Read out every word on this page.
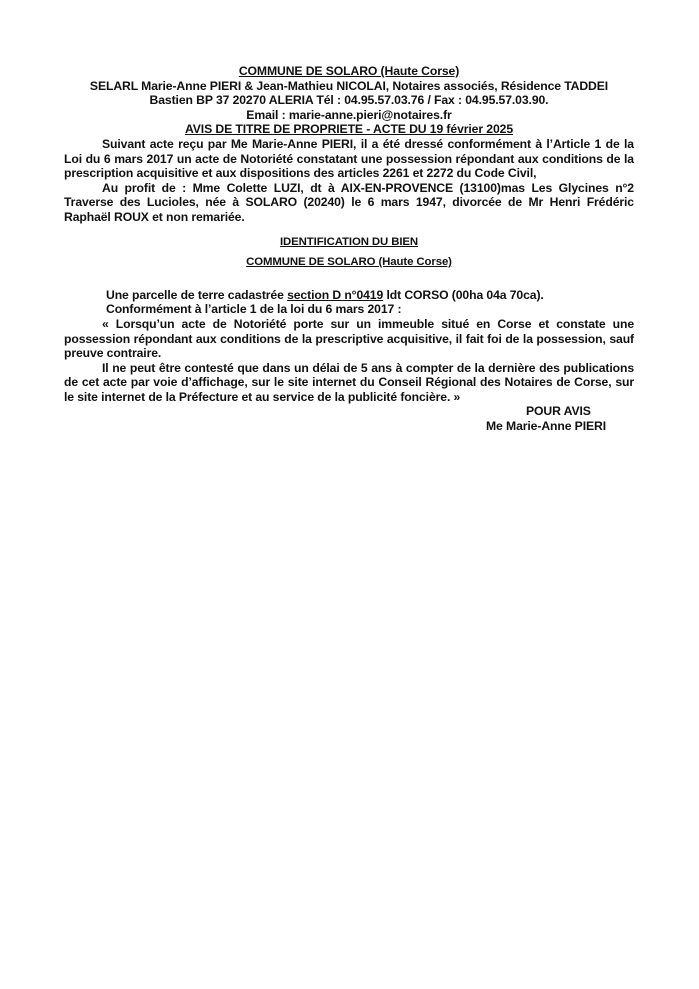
COMMUNE DE SOLARO (Haute Corse)

SELARL Marie-Anne PIERI & Jean-Mathieu NICOLAI, Notaires associés, Résidence TADDEI

Bastien BP 37 20270 ALERIA Tél : 04.95.57.03.76 / Fax : 04.95.57.03.90.

Email : marie-anne.pieri@notaires.fr

AVIS DE TITRE DE PROPRIETE - ACTE DU 19 février 2025

Suivant acte reçu par Me Marie-Anne PIERI, il a été dressé conformément à l’Article 1 de la Loi du 6 mars 2017 un acte de Notoriété constatant une possession répondant aux conditions de la prescription acquisitive et aux dispositions des articles 2261 et 2272 du Code Civil,

Au profit de : Mme Colette LUZI, dt à AIX-EN-PROVENCE (13100)mas Les Glycines n°2 Traverse des Lucioles, née à SOLARO (20240) le 6 mars 1947, divorcée de Mr Henri Frédéric Raphaël ROUX et non remariée.

IDENTIFICATION DU BIEN

COMMUNE DE SOLARO (Haute Corse)

Une parcelle de terre cadastrée section D n°0419 ldt CORSO (00ha 04a 70ca).

Conformément à l’article 1 de la loi du 6 mars 2017 :

« Lorsqu’un acte de Notoriété porte sur un immeuble situé en Corse et constate une possession répondant aux conditions de la prescriptive acquisitive, il fait foi de la possession, sauf preuve contraire.

Il ne peut être contesté que dans un délai de 5 ans à compter de la dernière des publications de cet acte par voie d’affichage, sur le site internet du Conseil Régional des Notaires de Corse, sur le site internet de la Préfecture et au service de la publicité foncière. »

POUR AVIS

Me Marie-Anne PIERI
